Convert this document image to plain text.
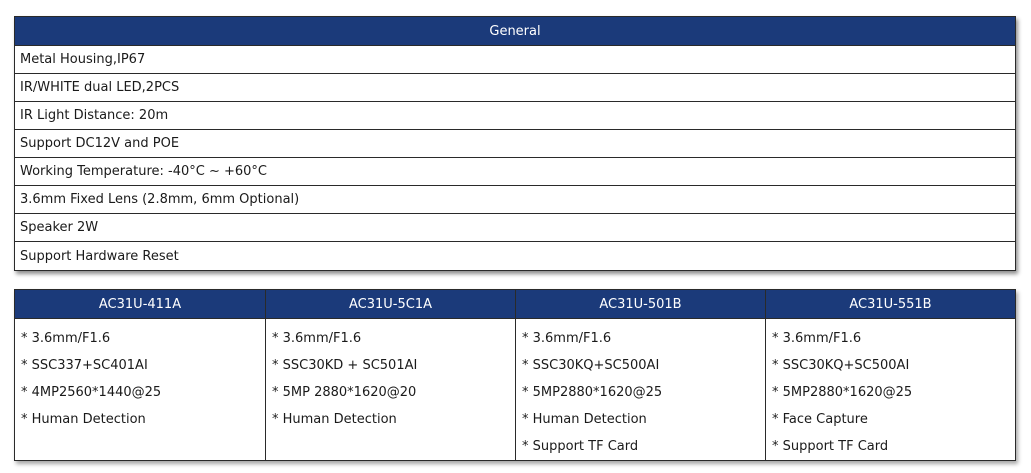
General
Metal Housing,IP67
IR/WHITE dual LED,2PCS
IR Light Distance: 20m
Support DC12V and POE
Working Temperature: -40°C ~ +60°C
3.6mm Fixed Lens (2.8mm, 6mm Optional)
Speaker 2W
Support Hardware Reset
AC31U-411A
* 3.6mm/F1.6
* SSC337+SC401AI
* 4MP2560*1440@25
* Human Detection
AC31U-5C1A
* 3.6mm/F1.6
* SSC30KD + SC501AI
* 5MP 2880*1620@20
* Human Detection
AC31U-501B
* 3.6mm/F1.6
* SSC30KQ+SC500AI
* 5MP2880*1620@25
* Human Detection
* Support TF Card
AC31U-551B
* 3.6mm/F1.6
* SSC30KQ+SC500AI
* 5MP2880*1620@25
* Face Capture
* Support TF Card
